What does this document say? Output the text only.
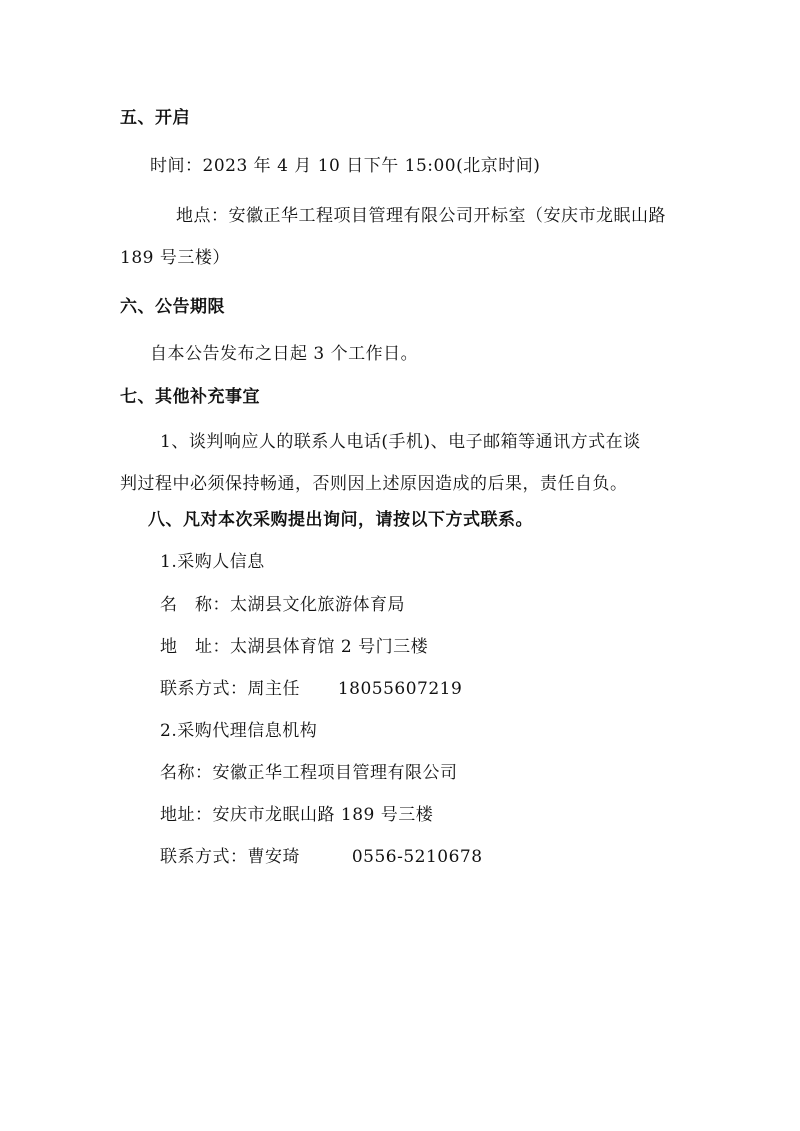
五、开启
时间：2023 年 4 月 10 日下午 15:00(北京时间)
地点：安徽正华工程项目管理有限公司开标室（安庆市龙眠山路
189 号三楼）
六、公告期限
自本公告发布之日起 3 个工作日。
七、其他补充事宜
1、谈判响应人的联系人电话(手机)、电子邮箱等通讯方式在谈
判过程中必须保持畅通，否则因上述原因造成的后果，责任自负。
八、凡对本次采购提出询问，请按以下方式联系。
1.采购人信息
名　称：太湖县文化旅游体育局
地　址：太湖县体育馆 2 号门三楼
联系方式：周主任 18055607219
2.采购代理信息机构
名称：安徽正华工程项目管理有限公司
地址：安庆市龙眠山路 189 号三楼
联系方式：曹安琦	0556-5210678
